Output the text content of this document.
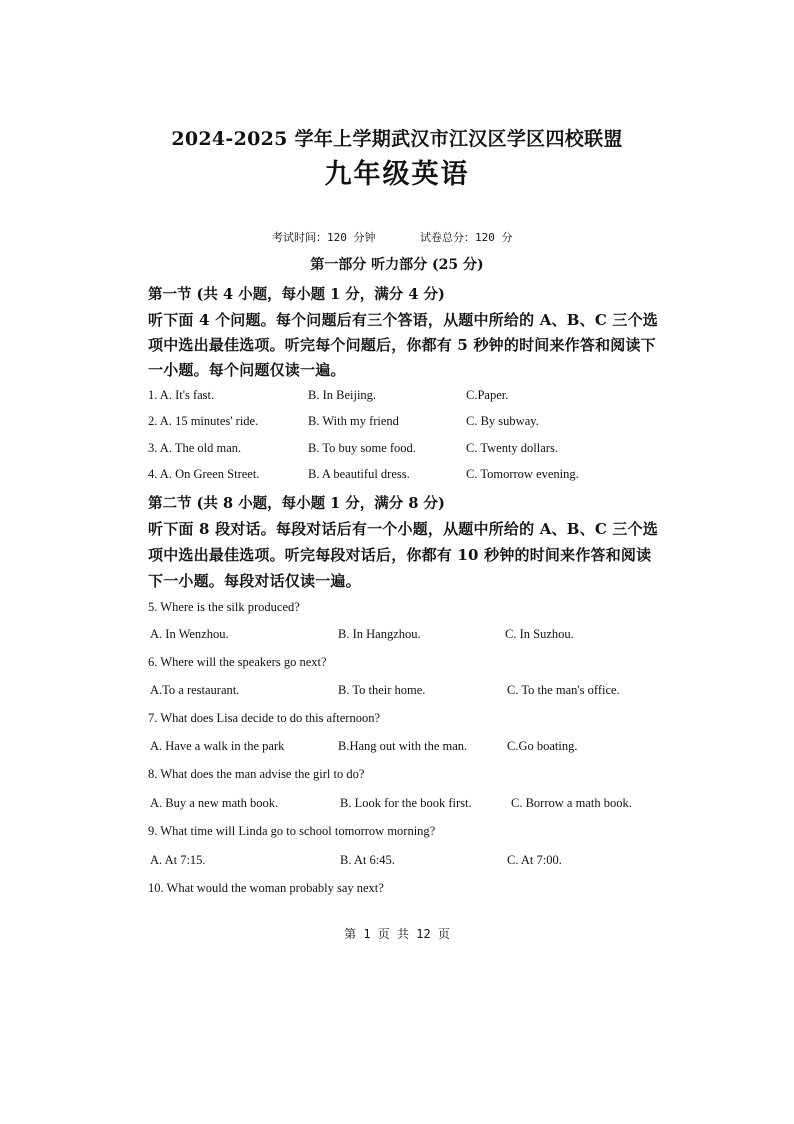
2024-2025 学年上学期武汉市江汉区学区四校联盟
九年级英语
考试时间：120 分钟	试卷总分：120 分
第一部分 听力部分 (25 分)
第一节 (共 4 小题，每小题 1 分，满分 4 分)
听下面 4 个问题。每个问题后有三个答语，从题中所给的 A、B、C 三个选
项中选出最佳选项。听完每个问题后，你都有 5 秒钟的时间来作答和阅读下
一小题。每个问题仅读一遍。
1. A. It's fast.	B. In Beijing.	C.Paper.
2. A. 15 minutes' ride.	B. With my friend	C. By subway.
3. A. The old man.	B. To buy some food.	C. Twenty dollars.
4. A. On Green Street.	B. A beautiful dress.	C. Tomorrow evening.
第二节 (共 8 小题，每小题 1 分，满分 8 分)
听下面 8 段对话。每段对话后有一个小题，从题中所给的 A、B、C 三个选
项中选出最佳选项。听完每段对话后，你都有 10 秒钟的时间来作答和阅读
下一小题。每段对话仅读一遍。
5. Where is the silk produced?
A. In Wenzhou.	B. In Hangzhou.	C. In Suzhou.
6. Where will the speakers go next?
A.To a restaurant.	B. To their home.	C. To the man's office.
7. What does Lisa decide to do this afternoon?
A. Have a walk in the park	B.Hang out with the man.	C.Go boating.
8. What does the man advise the girl to do?
A. Buy a new math book.	B. Look for the book first.	C. Borrow a math book.
9. What time will Linda go to school tomorrow morning?
A. At 7:15.	B. At 6:45.	C. At 7:00.
10. What would the woman probably say next?
第 1 页 共 12 页
